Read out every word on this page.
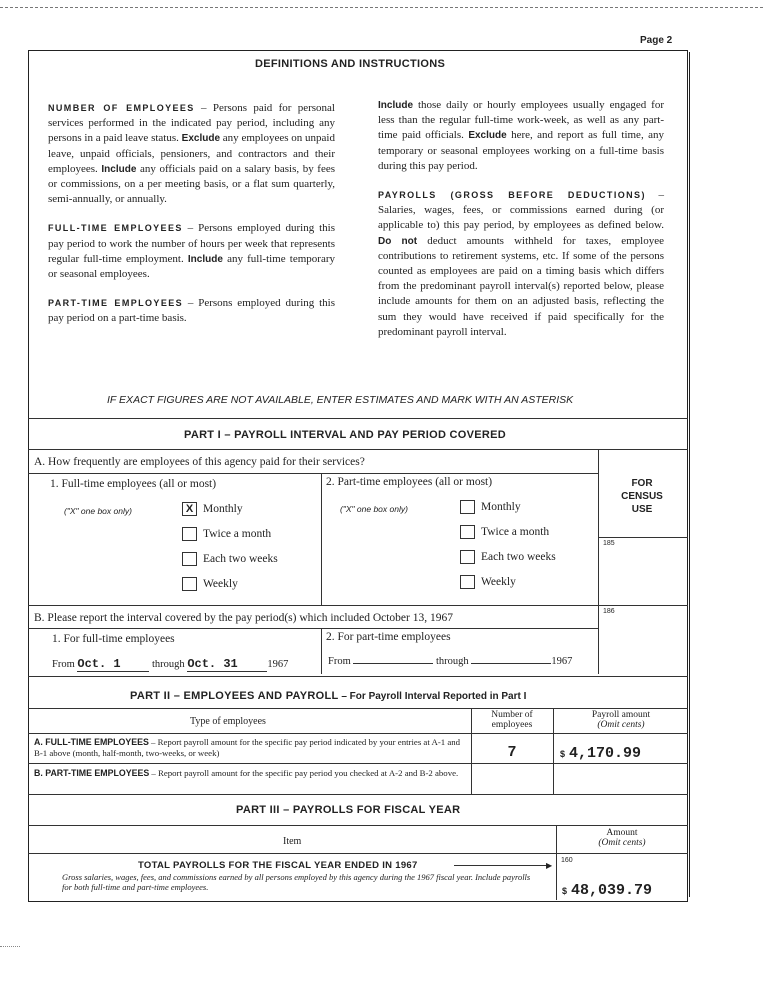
Page 2
DEFINITIONS AND INSTRUCTIONS

NUMBER OF EMPLOYEES – Persons paid for personal services performed in the indicated pay period, including any persons in a paid leave status. Exclude any employees on unpaid leave, unpaid officials, pensioners, and contractors and their employees. Include any officials paid on a salary basis, by fees or commissions, on a per meeting basis, or a flat sum quarterly, semi-annually, or annually.

FULL-TIME EMPLOYEES – Persons employed during this pay period to work the number of hours per week that represents regular full-time employment. Include any full-time temporary or seasonal employees.

PART-TIME EMPLOYEES – Persons employed during this pay period on a part-time basis.

Include those daily or hourly employees usually engaged for less than the regular full-time work-week, as well as any part-time paid officials. Exclude here, and report as full time, any temporary or seasonal employees working on a full-time basis during this pay period.

PAYROLLS (GROSS BEFORE DEDUCTIONS) – Salaries, wages, fees, or commissions earned during (or applicable to) this pay period, by employees as defined below. Do not deduct amounts withheld for taxes, employee contributions to retirement systems, etc. If some of the persons counted as employees are paid on a timing basis which differs from the predominant payroll interval(s) reported below, please include amounts for them on an adjusted basis, reflecting the sum they would have received if paid specifically for the predominant payroll interval.

IF EXACT FIGURES ARE NOT AVAILABLE, ENTER ESTIMATES AND MARK WITH AN ASTERISK
PART I – PAYROLL INTERVAL AND PAY PERIOD COVERED
A. How frequently are employees of this agency paid for their services?
FOR CENSUS USE
185
186
1. Full-time employees (all or most)
("X" one box only)	X Monthly
Twice a month
Each two weeks
Weekly
2. Part-time employees (all or most)
("X" one box only)	Monthly
Twice a month
Each two weeks
Weekly
B. Please report the interval covered by the pay period(s) which included October 13, 1967
1. For full-time employees
From Oct. 1	through Oct. 31	1967
2. For part-time employees
From	through	1967
PART II – EMPLOYEES AND PAYROLL – For Payroll Interval Reported in Part I
Type of employees
Number of employees
Payroll amount
(Omit cents)
A. FULL-TIME EMPLOYEES – Report payroll amount for the specific pay period indicated by your entries at A-1 and B-1 above (month, half-month, two-weeks, or week)	7	$ 4,170.99
B. PART-TIME EMPLOYEES – Report payroll amount for the specific pay period you checked at A-2 and B-2 above.
PART III – PAYROLLS FOR FISCAL YEAR
Item
Amount
(Omit cents)
TOTAL PAYROLLS FOR THE FISCAL YEAR ENDED IN 1967	▶
Gross salaries, wages, fees, and commissions earned by all persons employed by this agency during the 1967 fiscal year. Include payrolls for both full-time and part-time employees.
160
$ 48,039.79
